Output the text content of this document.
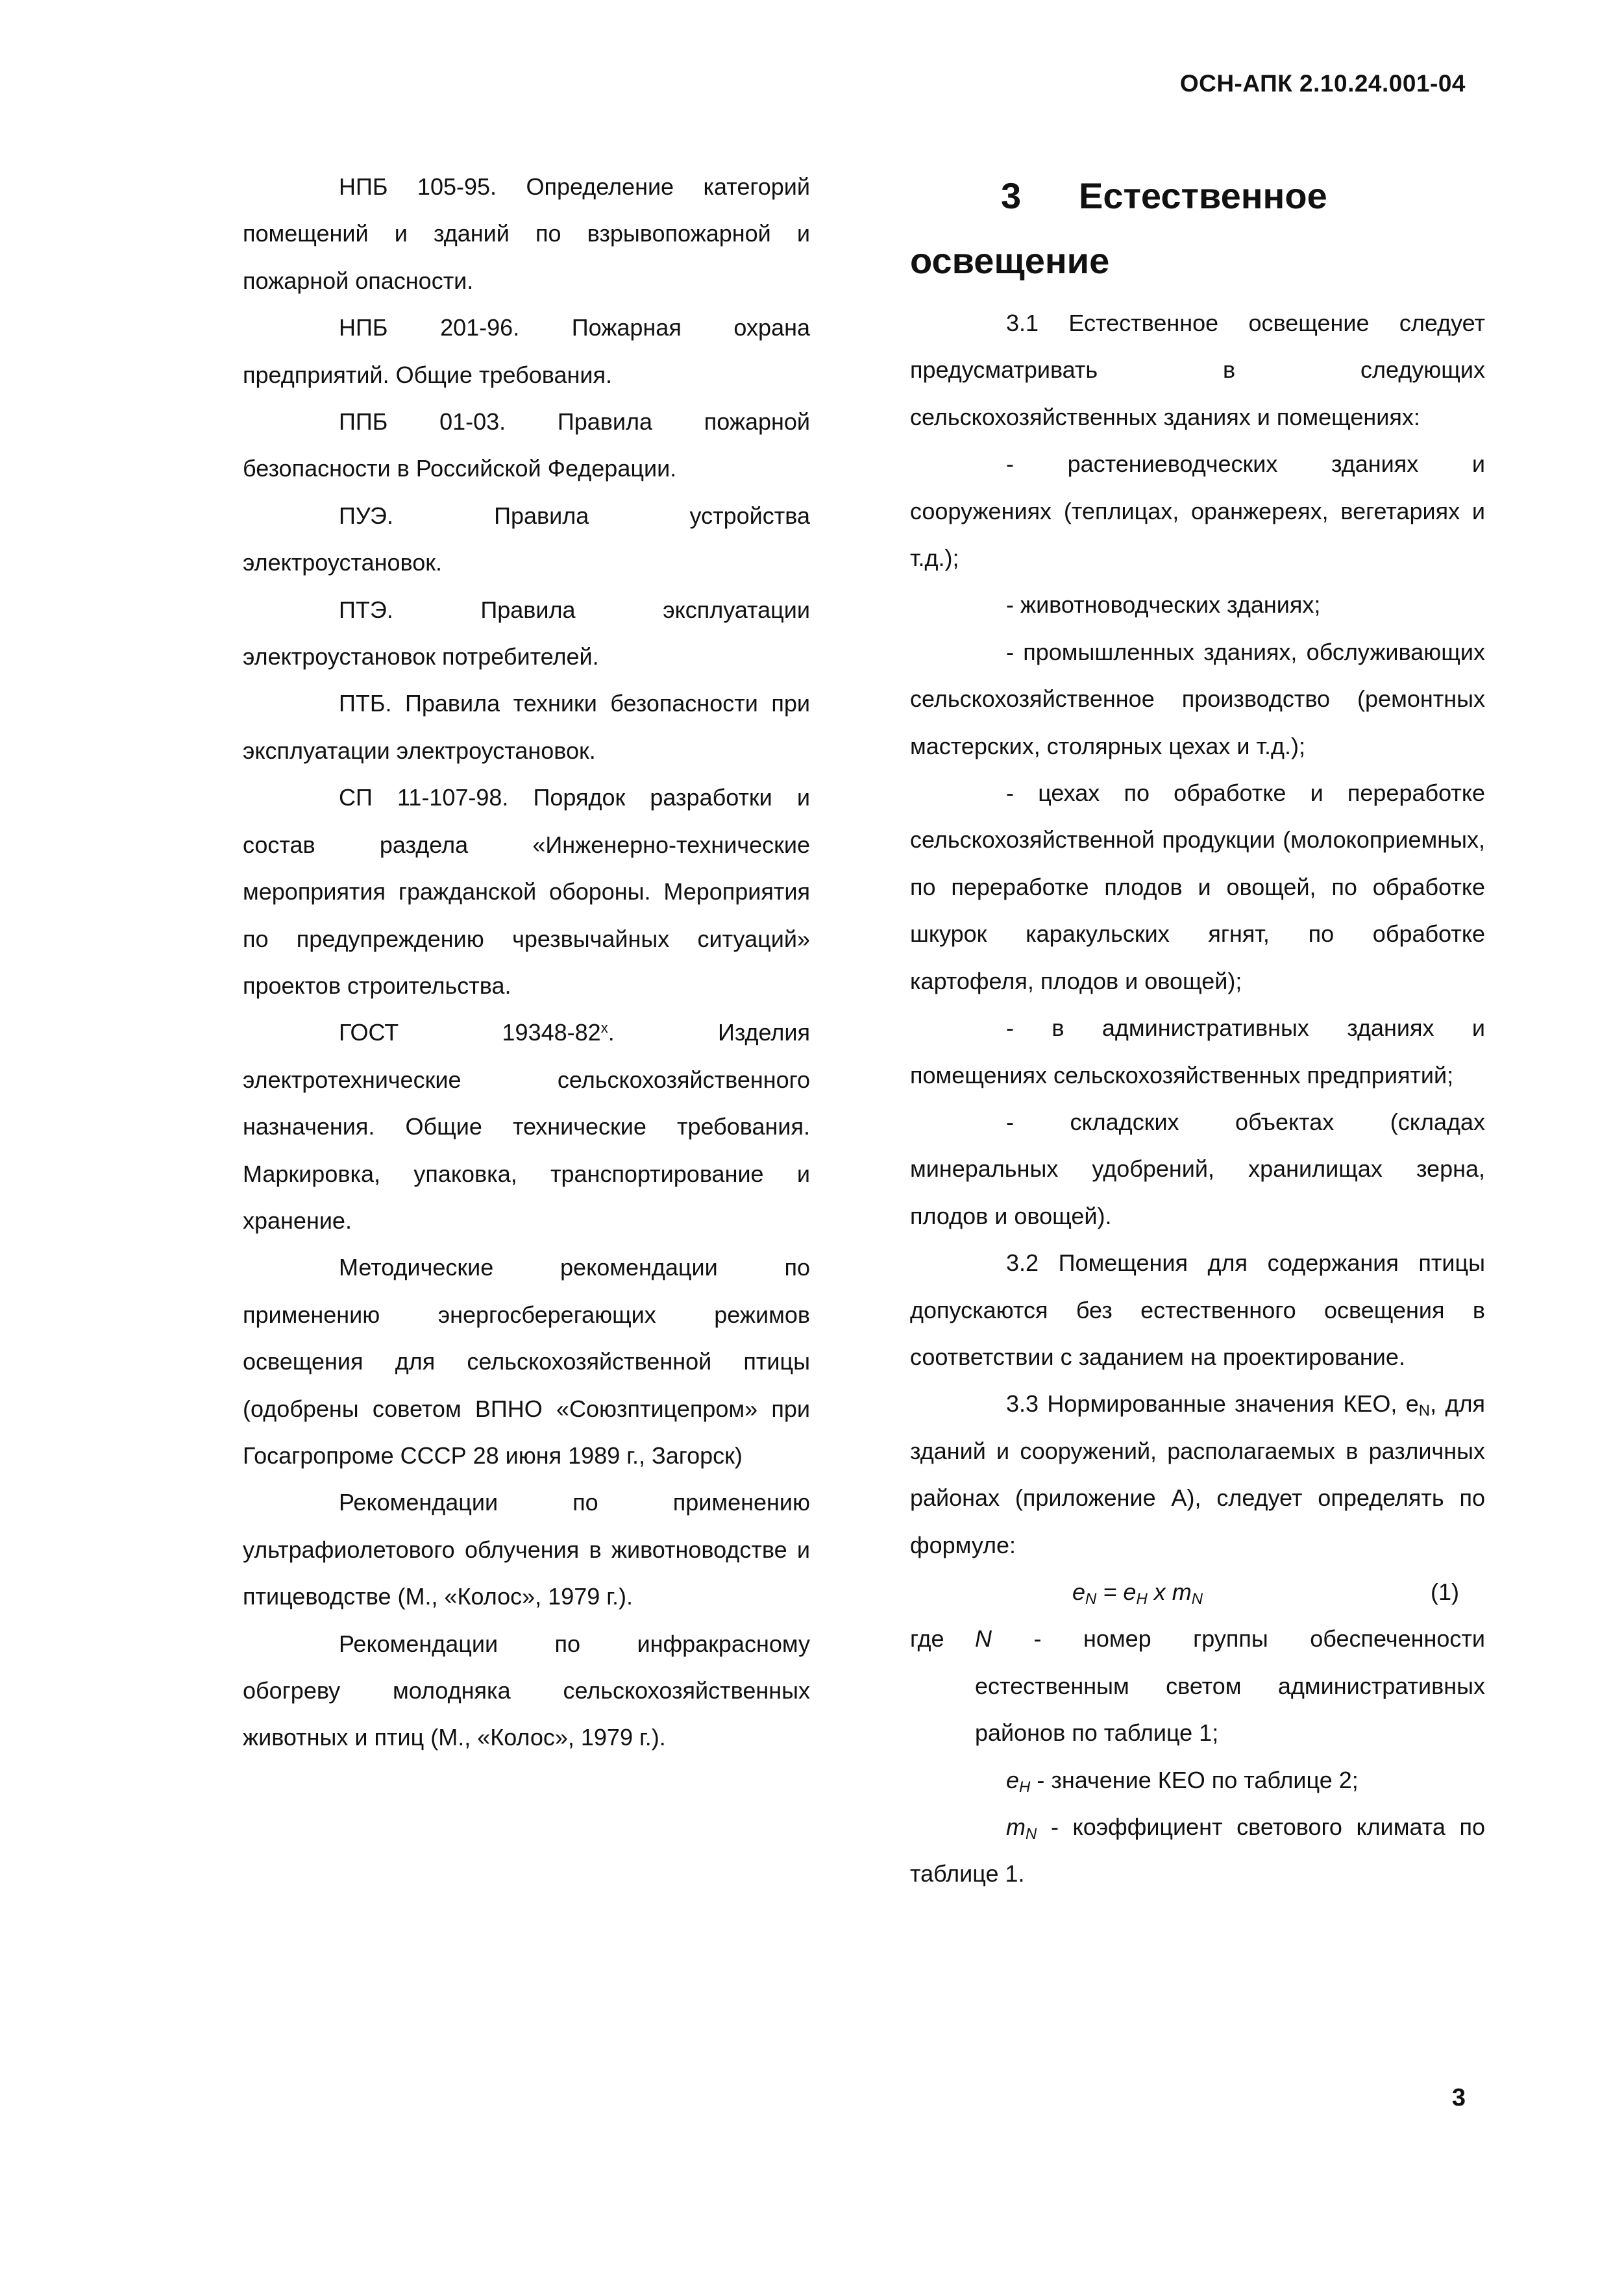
ОСН-АПК 2.10.24.001-04

НПБ 105-95. Определение категорий помещений и зданий по взрывопожарной и пожарной опасности.

НПБ 201-96. Пожарная охрана предприятий. Общие требования.

ППБ 01-03. Правила пожарной безопасности в Российской Федерации.

ПУЭ. Правила устройства электроустановок.

ПТЭ. Правила эксплуатации электроустановок потребителей.

ПТБ. Правила техники безопасности при эксплуатации электроустановок.

СП 11-107-98. Порядок разработки и состав раздела «Инженерно-технические мероприятия гражданской обороны. Мероприятия по предупреждению чрезвычайных ситуаций» проектов строительства.

ГОСТ 19348-82$^x$. Изделия электротехнические сельскохозяйственного назначения. Общие технические требования. Маркировка, упаковка, транспортирование и хранение.

Методические рекомендации по применению энергосберегающих режимов освещения для сельскохозяйственной птицы (одобрены советом ВПНО «Союзптицепром» при Госагропроме СССР 28 июня 1989 г., Загорск)

Рекомендации по применению ультрафиолетового облучения в животноводстве и птицеводстве (М., «Колос», 1979 г.).

Рекомендации по инфракрасному обогреву молодняка сельскохозяйственных животных и птиц (М., «Колос», 1979 г.).

3 Естественное освещение

3.1 Естественное освещение следует предусматривать в следующих сельскохозяйственных зданиях и помещениях:

- растениеводческих зданиях и сооружениях (теплицах, оранжереях, вегетариях и т.д.);

- животноводческих зданиях;

- промышленных зданиях, обслуживающих сельскохозяйственное производство (ремонтных мастерских, столярных цехах и т.д.);

- цехах по обработке и переработке сельскохозяйственной продукции (молокоприемных, по переработке плодов и овощей, по обработке шкурок каракульских ягнят, по обработке картофеля, плодов и овощей);

- в административных зданиях и помещениях сельскохозяйственных предприятий;

- складских объектах (складах минеральных удобрений, хранилищах зерна, плодов и овощей).

3.2 Помещения для содержания птицы допускаются без естественного освещения в соответствии с заданием на проектирование.

3.3 Нормированные значения КЕО, $e_N$, для зданий и сооружений, располагаемых в различных районах (приложение А), следует определять по формуле:

$e_N = e_H$ x $m_N$	(1)
где	N - номер группы обеспеченности естественным светом административных районов по таблице 1;

$e_H$ - значение КЕО по таблице 2;

$m_N$ - коэффициент светового климата по таблице 1.

3
